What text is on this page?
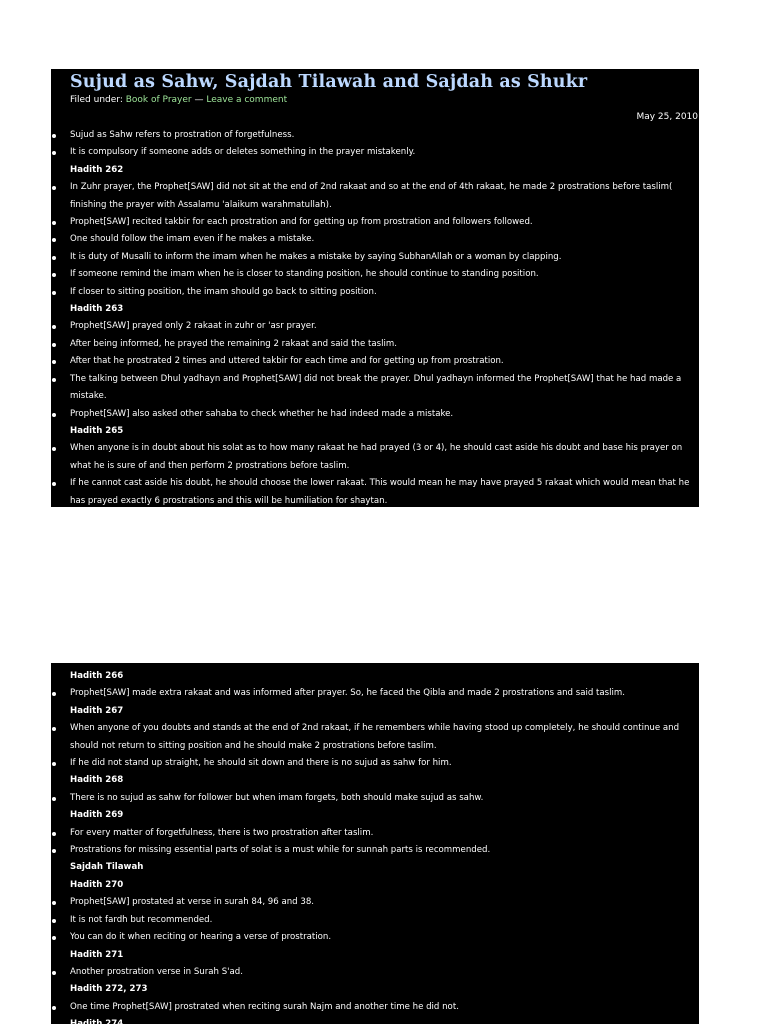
Sujud as Sahw, Sajdah Tilawah and Sajdah as Shukr
Filed under: Book of Prayer — Leave a comment
May 25, 2010
Sujud as Sahw refers to prostration of forgetfulness.
It is compulsory if someone adds or deletes something in the prayer mistakenly.
Hadith 262
In Zuhr prayer, the Prophet[SAW] did not sit at the end of 2nd rakaat and so at the end of 4th rakaat, he made 2 prostrations before taslim( finishing the prayer with Assalamu 'alaikum warahmatullah).
Prophet[SAW] recited takbir for each prostration and for getting up from prostration and followers followed.
One should follow the imam even if he makes a mistake.
It is duty of Musalli to inform the imam when he makes a mistake by saying SubhanAllah or a woman by clapping.
If someone remind the imam when he is closer to standing position, he should continue to standing position.
If closer to sitting position, the imam should go back to sitting position.
Hadith 263
Prophet[SAW] prayed only 2 rakaat in zuhr or 'asr prayer.
After being informed, he prayed the remaining 2 rakaat and said the taslim.
After that he prostrated 2 times and uttered takbir for each time and for getting up from prostration.
The talking between Dhul yadhayn and Prophet[SAW] did not break the prayer. Dhul yadhayn informed the Prophet[SAW] that he had made a mistake.
Prophet[SAW] also asked other sahaba to check whether he had indeed made a mistake.
Hadith 265
When anyone is in doubt about his solat as to how many rakaat he had prayed (3 or 4), he should cast aside his doubt and base his prayer on what he is sure of and then perform 2 prostrations before taslim.
If he cannot cast aside his doubt, he should choose the lower rakaat. This would mean he may have prayed 5 rakaat which would mean that he has prayed exactly 6 prostrations and this will be humiliation for shaytan.
Hadith 266
Prophet[SAW] made extra rakaat and was informed after prayer. So, he faced the Qibla and made 2 prostrations and said taslim.
Hadith 267
When anyone of you doubts and stands at the end of 2nd rakaat, if he remembers while having stood up completely, he should continue and should not return to sitting position and he should make 2 prostrations before taslim.
If he did not stand up straight, he should sit down and there is no sujud as sahw for him.
Hadith 268
There is no sujud as sahw for follower but when imam forgets, both should make sujud as sahw.
Hadith 269
For every matter of forgetfulness, there is two prostration after taslim.
Prostrations for missing essential parts of solat is a must while for sunnah parts is recommended.
Sajdah Tilawah
Hadith 270
Prophet[SAW] prostated at verse in surah 84, 96 and 38.
It is not fardh but recommended.
You can do it when reciting or hearing a verse of prostration.
Hadith 271
Another prostration verse in Surah S'ad.
Hadith 272, 273
One time Prophet[SAW] prostrated when reciting surah Najm and another time he did not.
Hadith 274
